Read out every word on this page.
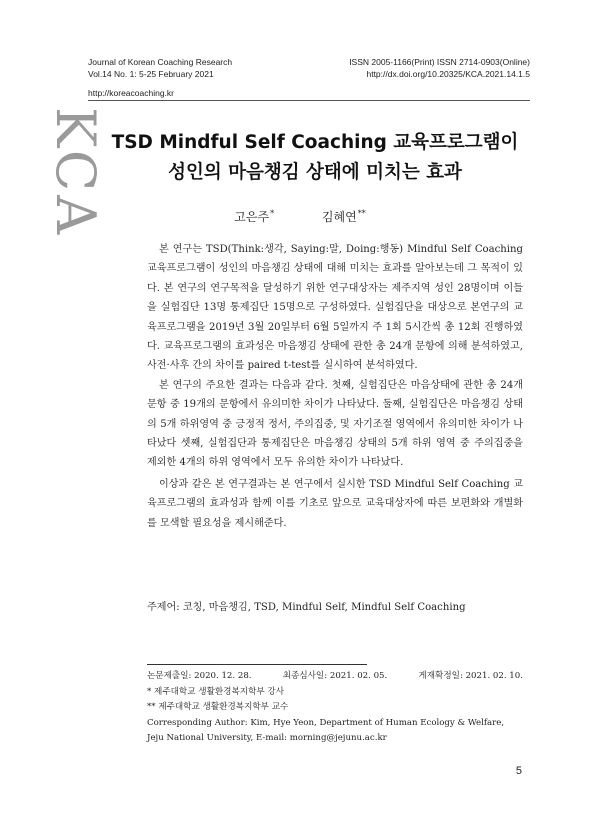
Journal of Korean Coaching Research
Vol.14 No. 1: 5-25 February 2021
ISSN 2005-1166(Print) ISSN 2714-0903(Online)
http://dx.doi.org/10.20325/KCA.2021.14.1.5
http://koreacoaching.kr
KCA TSD Mindful Self Coaching 교육프로그램이
성인의 마음챙김 상태에 미치는 효과
고은주*	김혜연**

본 연구는 TSD(Think:생각, Saying:말, Doing:행동) Mindful Self Coaching 교육프로그램이 성인의 마음챙김 상태에 대해 미치는 효과를 알아보는데 그 목적이 있다. 본 연구의 연구목적을 달성하기 위한 연구대상자는 제주지역 성인 28명이며 이들을 실험집단 13명 통제집단 15명으로 구성하였다. 실험집단을 대상으로 본연구의 교육프로그램을 2019년 3월 20일부터 6월 5일까지 주 1회 5시간씩 총 12회 진행하였다. 교육프로그램의 효과성은 마음챙김 상태에 관한 총 24개 문항에 의해 분석하였고, 사전·사후 간의 차이를 paired t-test를 실시하여 분석하였다.

본 연구의 주요한 결과는 다음과 같다. 첫째, 실험집단은 마음상태에 관한 총 24개 문항 중 19개의 문항에서 유의미한 차이가 나타났다. 둘째, 실험집단은 마음챙김 상태의 5개 하위영역 중 긍정적 정서, 주의집중, 및 자기조절 영역에서 유의미한 차이가 나타났다 셋째, 실험집단과 통제집단은 마음챙김 상태의 5개 하위 영역 중 주의집중을 제외한 4개의 하위 영역에서 모두 유의한 차이가 나타났다.

이상과 같은 본 연구결과는 본 연구에서 실시한 TSD Mindful Self Coaching 교육프로그램의 효과성과 함께 이를 기초로 앞으로 교육대상자에 따른 보편화와 개별화를 모색할 필요성을 제시해준다.

주제어: 코칭, 마음챙김, TSD, Mindful Self, Mindful Self Coaching
논문제출일: 2020. 12. 28.	최종심사일: 2021. 02. 05.	게재확정일: 2021. 02. 10.
* 제주대학교 생활환경복지학부 강사
** 제주대학교 생활환경복지학부 교수
Corresponding Author: Kim, Hye Yeon, Department of Human Ecology & Welfare,
Jeju National University, E-mail: morning@jejunu.ac.kr
5
